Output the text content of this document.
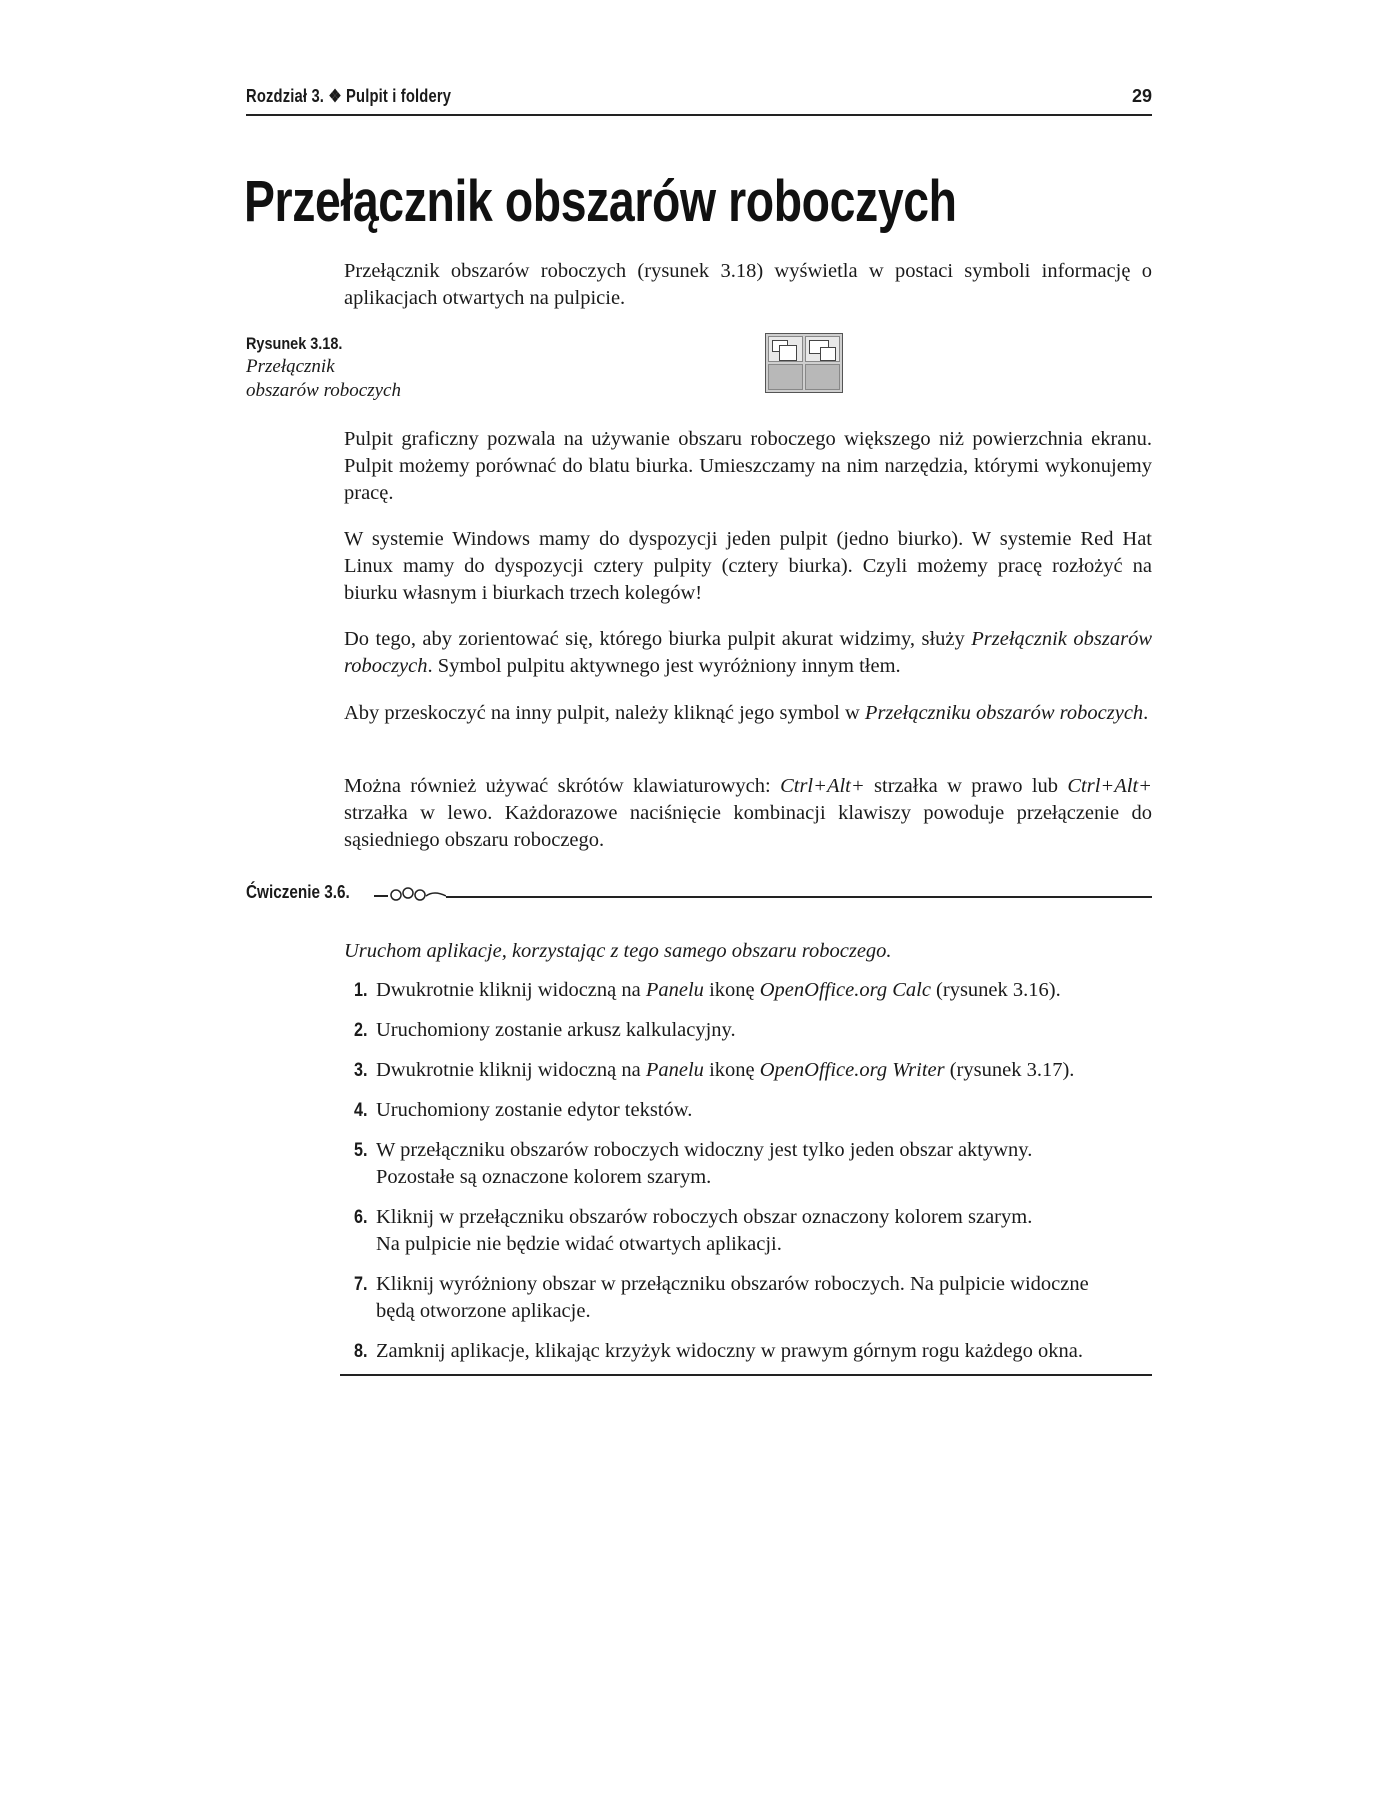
Rozdział 3. ❖ Pulpit i foldery	29
Przełącznik obszarów roboczych
Przełącznik obszarów roboczych (rysunek 3.18) wyświetla w postaci symboli informację o aplikacjach otwartych na pulpicie.
Rysunek 3.18.
Przełącznik
obszarów roboczych
Pulpit graficzny pozwala na używanie obszaru roboczego większego niż powierzchnia ekranu. Pulpit możemy porównać do blatu biurka. Umieszczamy na nim narzędzia, którymi wykonujemy pracę.
W systemie Windows mamy do dyspozycji jeden pulpit (jedno biurko). W systemie Red Hat Linux mamy do dyspozycji cztery pulpity (cztery biurka). Czyli możemy pracę rozłożyć na biurku własnym i biurkach trzech kolegów!
Do tego, aby zorientować się, którego biurka pulpit akurat widzimy, służy Przełącznik obszarów roboczych. Symbol pulpitu aktywnego jest wyróżniony innym tłem.
Aby przeskoczyć na inny pulpit, należy kliknąć jego symbol w Przełączniku obszarów roboczych.
Można również używać skrótów klawiaturowych: Ctrl+Alt+ strzałka w prawo lub Ctrl+Alt+ strzałka w lewo. Każdorazowe naciśnięcie kombinacji klawiszy powoduje przełączenie do sąsiedniego obszaru roboczego.
Ćwiczenie 3.6.
Uruchom aplikacje, korzystając z tego samego obszaru roboczego.
1. Dwukrotnie kliknij widoczną na Panelu ikonę OpenOffice.org Calc (rysunek 3.16).
2. Uruchomiony zostanie arkusz kalkulacyjny.
3. Dwukrotnie kliknij widoczną na Panelu ikonę OpenOffice.org Writer (rysunek 3.17).
4. Uruchomiony zostanie edytor tekstów.
5. W przełączniku obszarów roboczych widoczny jest tylko jeden obszar aktywny.
Pozostałe są oznaczone kolorem szarym.
6. Kliknij w przełączniku obszarów roboczych obszar oznaczony kolorem szarym.
Na pulpicie nie będzie widać otwartych aplikacji.
7. Kliknij wyróżniony obszar w przełączniku obszarów roboczych. Na pulpicie widoczne
będą otworzone aplikacje.
8. Zamknij aplikacje, klikając krzyżyk widoczny w prawym górnym rogu każdego okna.
